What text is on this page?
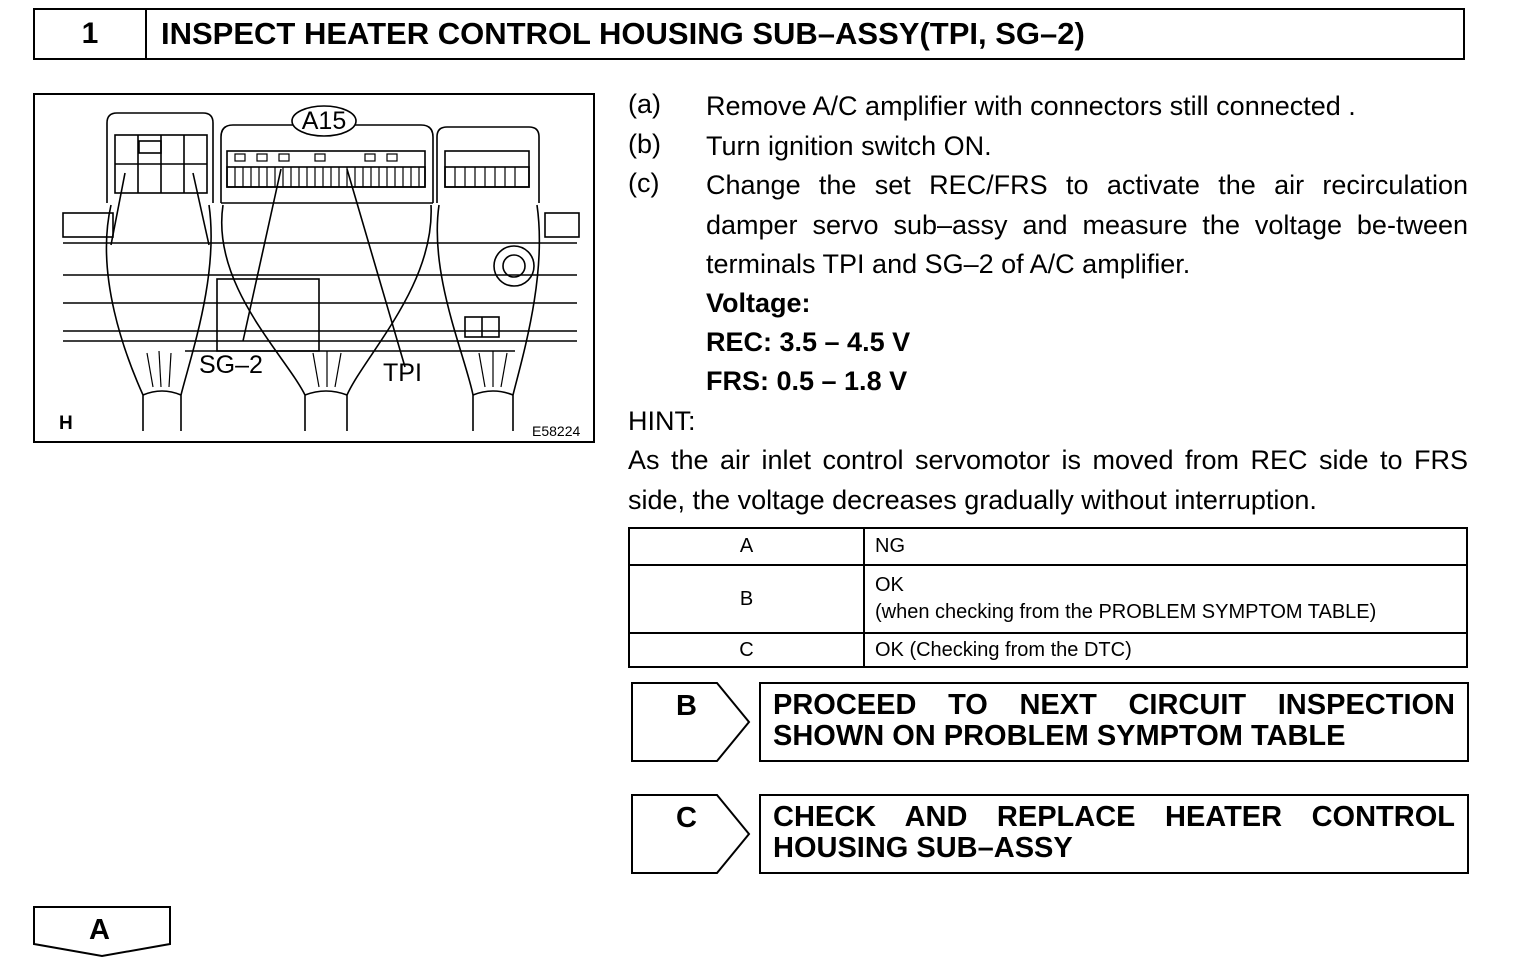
1	INSPECT HEATER CONTROL HOUSING SUB–ASSY(TPI, SG–2)
A15
SG–2	TPI
H	E58224
(a) Remove A/C amplifier with connectors still connected .
(b) Turn ignition switch ON.
(c) Change the set REC/FRS to activate the air recirculation damper servo sub–assy and measure the voltage be-tween terminals TPI and SG–2 of A/C amplifier.
Voltage:
REC: 3.5 – 4.5 V
FRS: 0.5 – 1.8 V
HINT:
As the air inlet control servomotor is moved from REC side to FRS side, the voltage decreases gradually without interruption.
A	NG
B	OK
(when checking from the PROBLEM SYMPTOM TABLE)

C	OK (Checking from the DTC)
B	PROCEED TO NEXT CIRCUIT INSPECTION SHOWN ON PROBLEM SYMPTOM TABLE
C	CHECK AND REPLACE HEATER CONTROL HOUSING SUB–ASSY
A
